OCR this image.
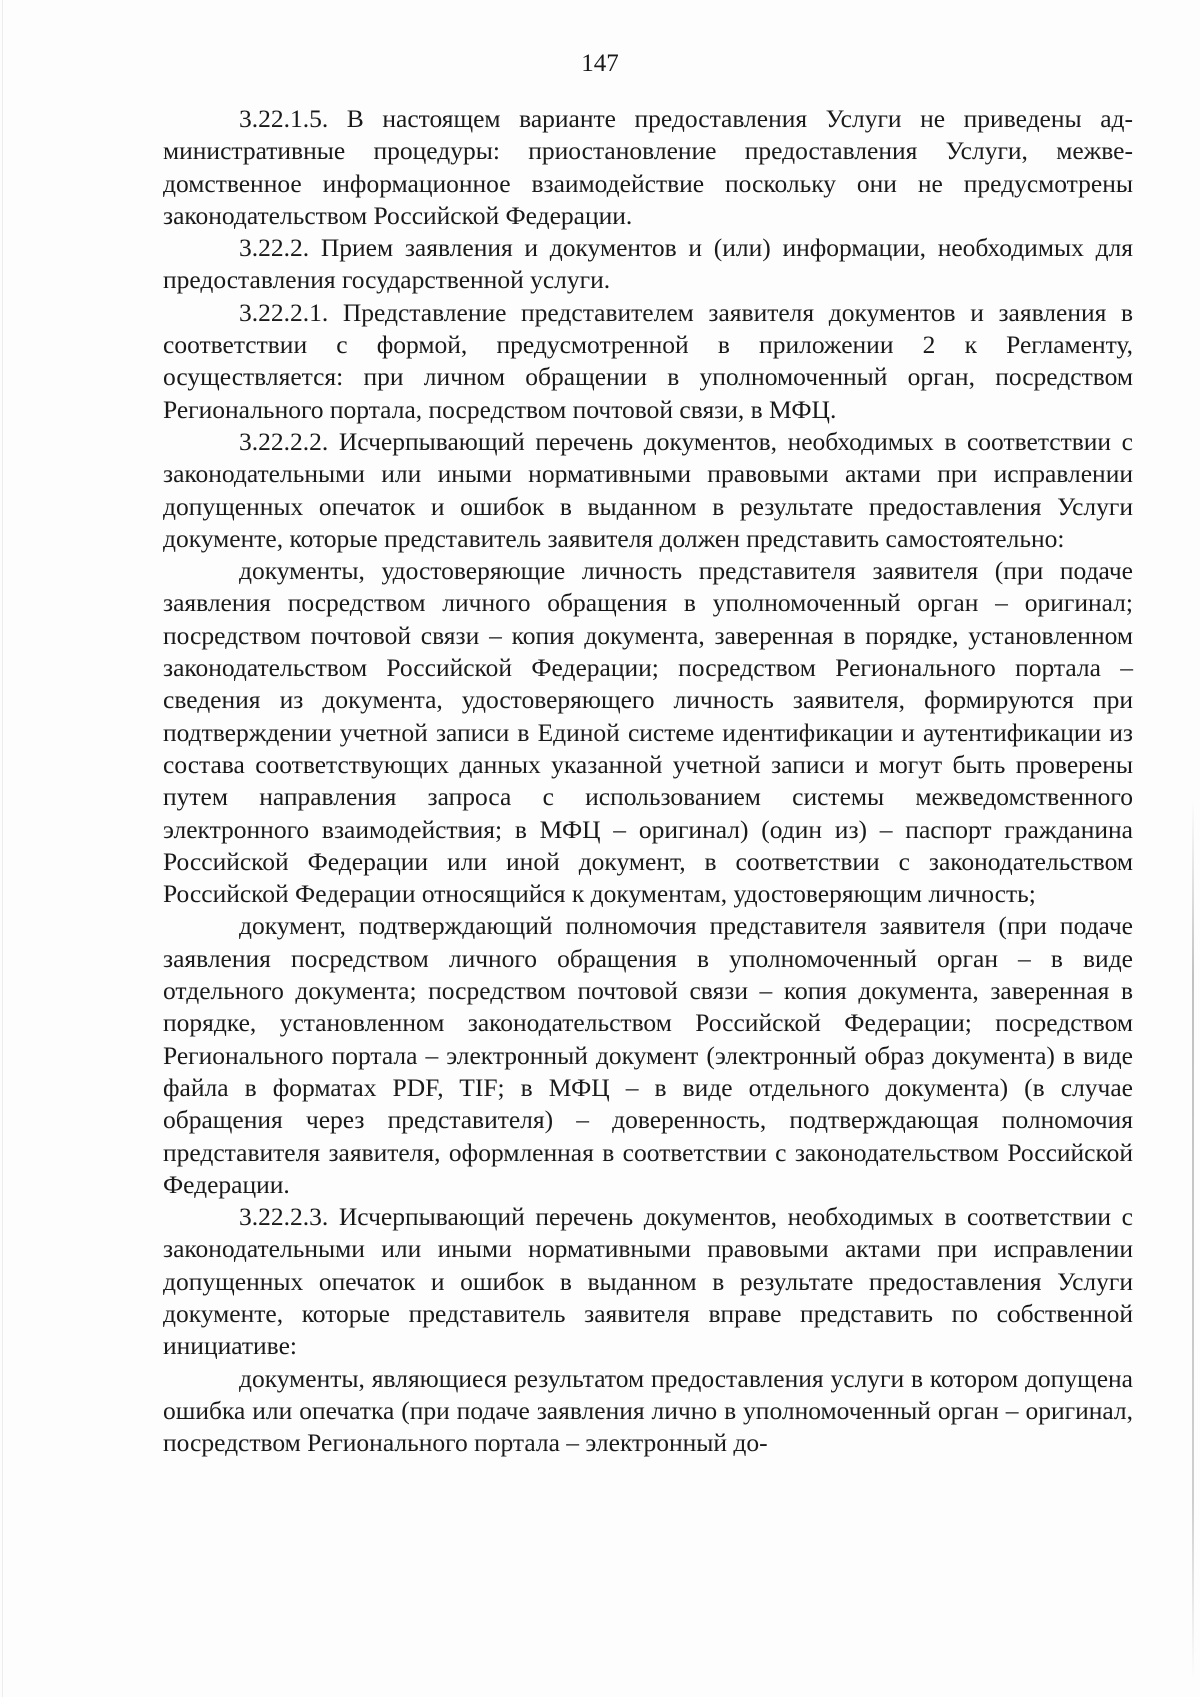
147

3.22.1.5. В настоящем варианте предоставления Услуги не приведены административные процедуры: приостановление предоставления Услуги, межведомственное информационное взаимодействие поскольку они не предусмотрены законодательством Российской Федерации.

3.22.2. Прием заявления и документов и (или) информации, необходимых для предоставления государственной услуги.

3.22.2.1. Представление представителем заявителя документов и заявления в соответствии с формой, предусмотренной в приложении 2 к Регламенту, осуществляется: при личном обращении в уполномоченный орган, посредством Регионального портала, посредством почтовой связи, в МФЦ.

3.22.2.2. Исчерпывающий перечень документов, необходимых в соответствии с законодательными или иными нормативными правовыми актами при исправлении допущенных опечаток и ошибок в выданном в результате предоставления Услуги документе, которые представитель заявителя должен представить самостоятельно:

документы, удостоверяющие личность представителя заявителя (при подаче заявления посредством личного обращения в уполномоченный орган – оригинал; посредством почтовой связи – копия документа, заверенная в порядке, установленном законодательством Российской Федерации; посредством Регионального портала – сведения из документа, удостоверяющего личность заявителя, формируются при подтверждении учетной записи в Единой системе идентификации и аутентификации из состава соответствующих данных указанной учетной записи и могут быть проверены путем направления запроса с использованием системы межведомственного электронного взаимодействия; в МФЦ – оригинал) (один из) – паспорт гражданина Российской Федерации или иной документ, в соответствии с законодательством Российской Федерации относящийся к документам, удостоверяющим личность;

документ, подтверждающий полномочия представителя заявителя (при подаче заявления посредством личного обращения в уполномоченный орган – в виде отдельного документа; посредством почтовой связи – копия документа, заверенная в порядке, установленном законодательством Российской Федерации; посредством Регионального портала – электронный документ (электронный образ документа) в виде файла в форматах PDF, TIF; в МФЦ – в виде отдельного документа) (в случае обращения через представителя) – доверенность, подтверждающая полномочия представителя заявителя, оформленная в соответствии с законодательством Российской Федерации.

3.22.2.3. Исчерпывающий перечень документов, необходимых в соответствии с законодательными или иными нормативными правовыми актами при исправлении допущенных опечаток и ошибок в выданном в результате предоставления Услуги документе, которые представитель заявителя вправе представить по собственной инициативе:

документы, являющиеся результатом предоставления услуги в котором допущена ошибка или опечатка (при подаче заявления лично в уполномоченный орган – оригинал, посредством Регионального портала – электронный до-
